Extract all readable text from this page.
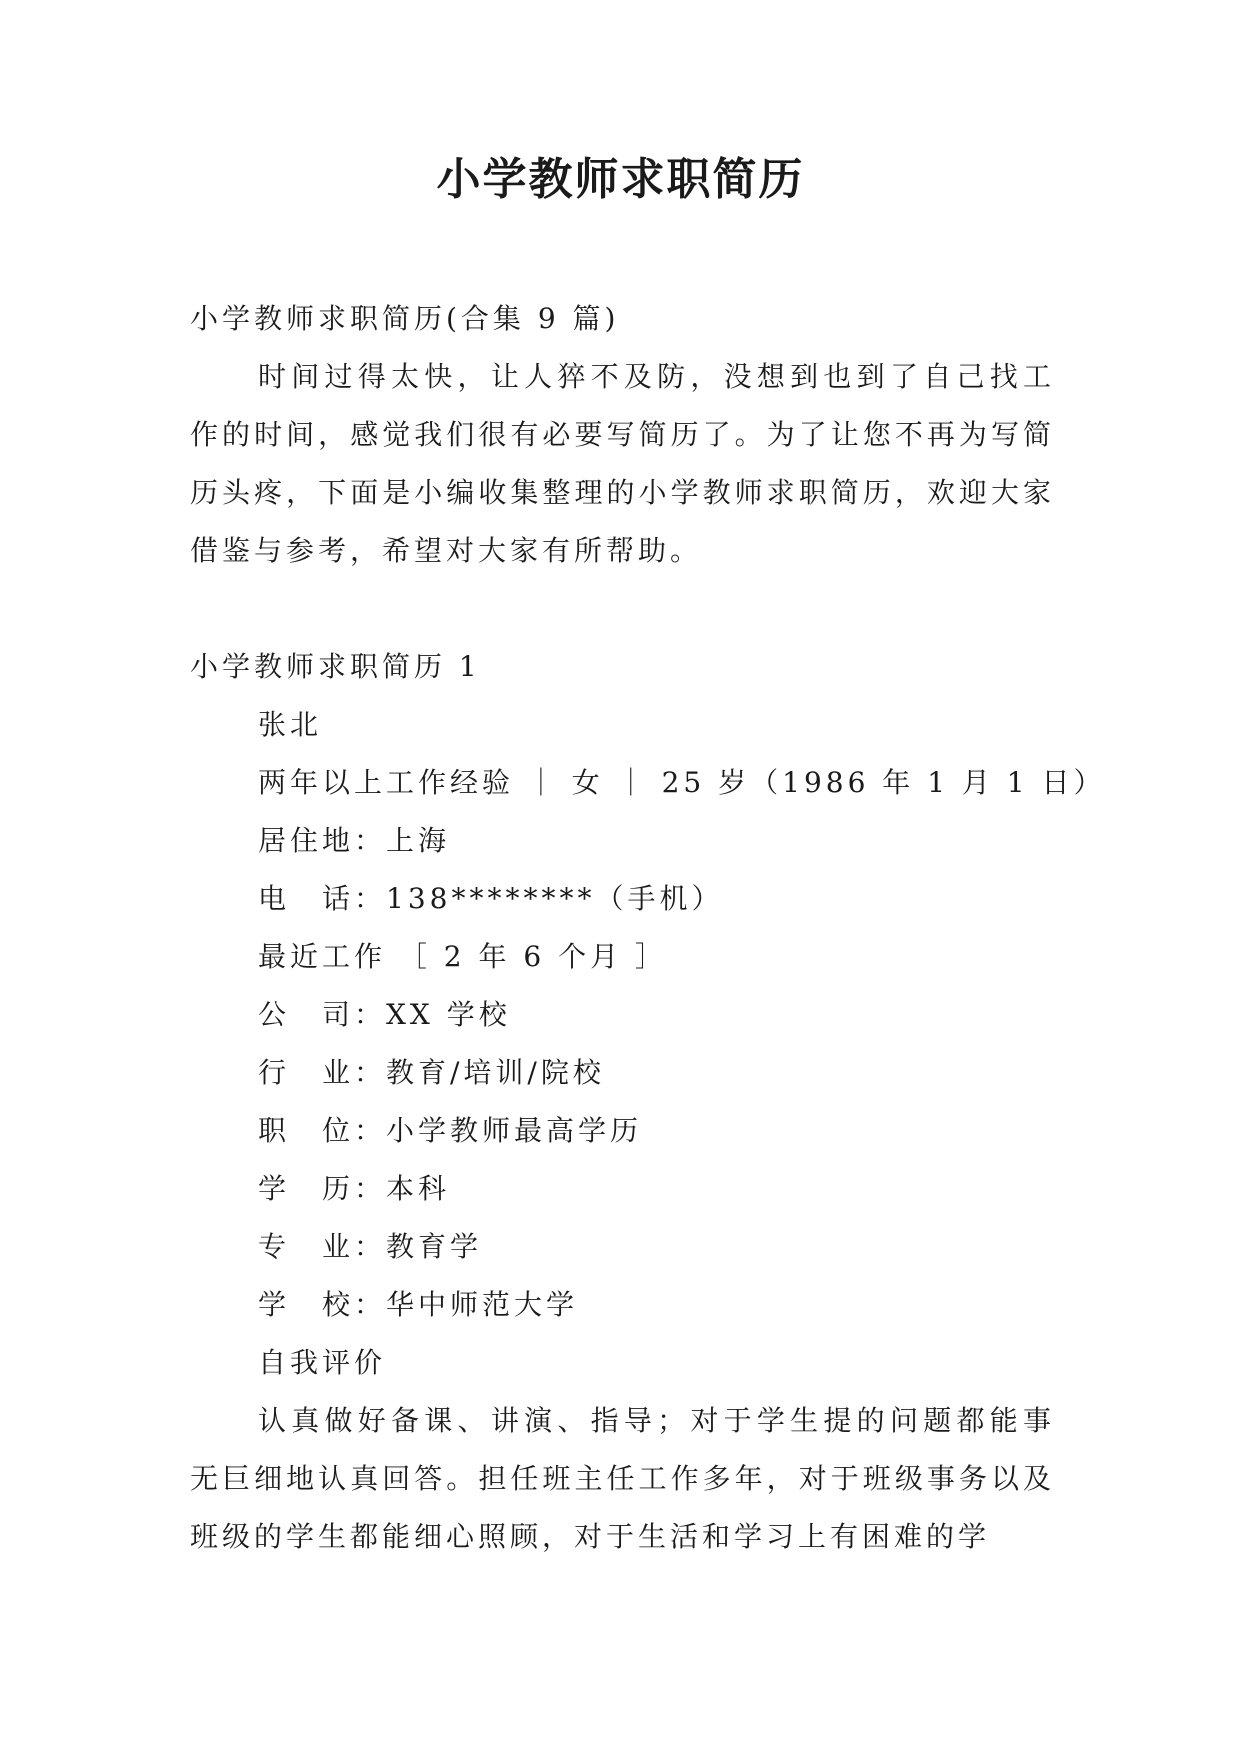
小学教师求职简历

小学教师求职简历(合集 9 篇)

时间过得太快，让人猝不及防，没想到也到了自己找工作的时间，感觉我们很有必要写简历了。为了让您不再为写简历头疼，下面是小编收集整理的小学教师求职简历，欢迎大家借鉴与参考，希望对大家有所帮助。

小学教师求职简历 1

张北

两年以上工作经验 ｜ 女 ｜ 25 岁（1986 年 1 月 1 日）

居住地：上海

电　话：138********（手机）

最近工作 ［ 2 年 6 个月 ］

公　司：XX 学校

行　业：教育/培训/院校

职　位：小学教师最高学历

学　历：本科

专　业：教育学

学　校：华中师范大学

自我评价

认真做好备课、讲演、指导；对于学生提的问题都能事无巨细地认真回答。担任班主任工作多年，对于班级事务以及班级的学生都能细心照顾，对于生活和学习上有困难的学
